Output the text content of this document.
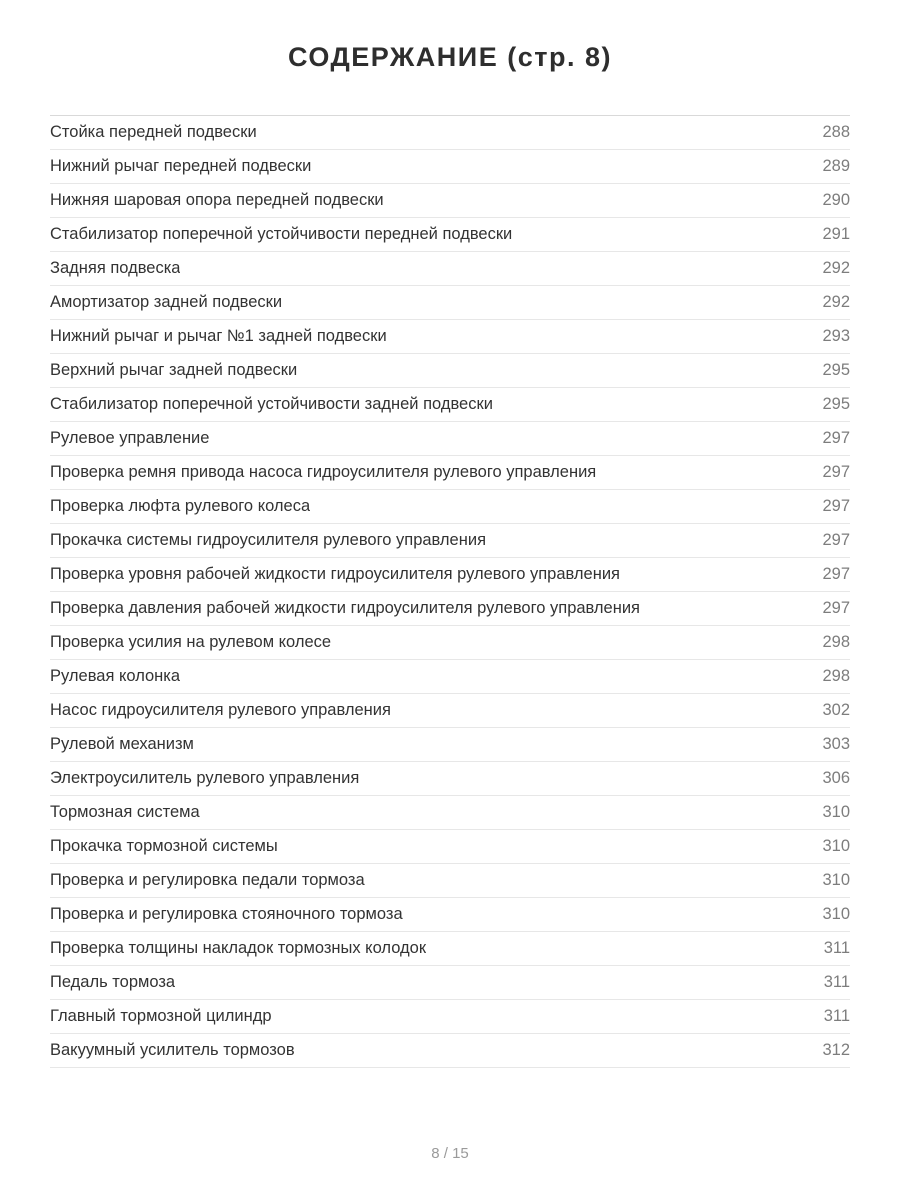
СОДЕРЖАНИЕ (стр. 8)
Стойка передней подвески	288
Нижний рычаг передней подвески	289
Нижняя шаровая опора передней подвески	290
Стабилизатор поперечной устойчивости передней подвески	291
Задняя подвеска	292
Амортизатор задней подвески	292
Нижний рычаг и рычаг №1 задней подвески	293
Верхний рычаг задней подвески	295
Стабилизатор поперечной устойчивости задней подвески	295
Рулевое управление	297
Проверка ремня привода насоса гидроусилителя рулевого управления	297
Проверка люфта рулевого колеса	297
Прокачка системы гидроусилителя рулевого управления	297
Проверка уровня рабочей жидкости гидроусилителя рулевого управления	297
Проверка давления рабочей жидкости гидроусилителя рулевого управления	297
Проверка усилия на рулевом колесе	298
Рулевая колонка	298
Насос гидроусилителя рулевого управления	302
Рулевой механизм	303
Электроусилитель рулевого управления	306
Тормозная система	310
Прокачка тормозной системы	310
Проверка и регулировка педали тормоза	310
Проверка и регулировка стояночного тормоза	310
Проверка толщины накладок тормозных колодок	311
Педаль тормоза	311
Главный тормозной цилиндр	311
Вакуумный усилитель тормозов	312
8 / 15
